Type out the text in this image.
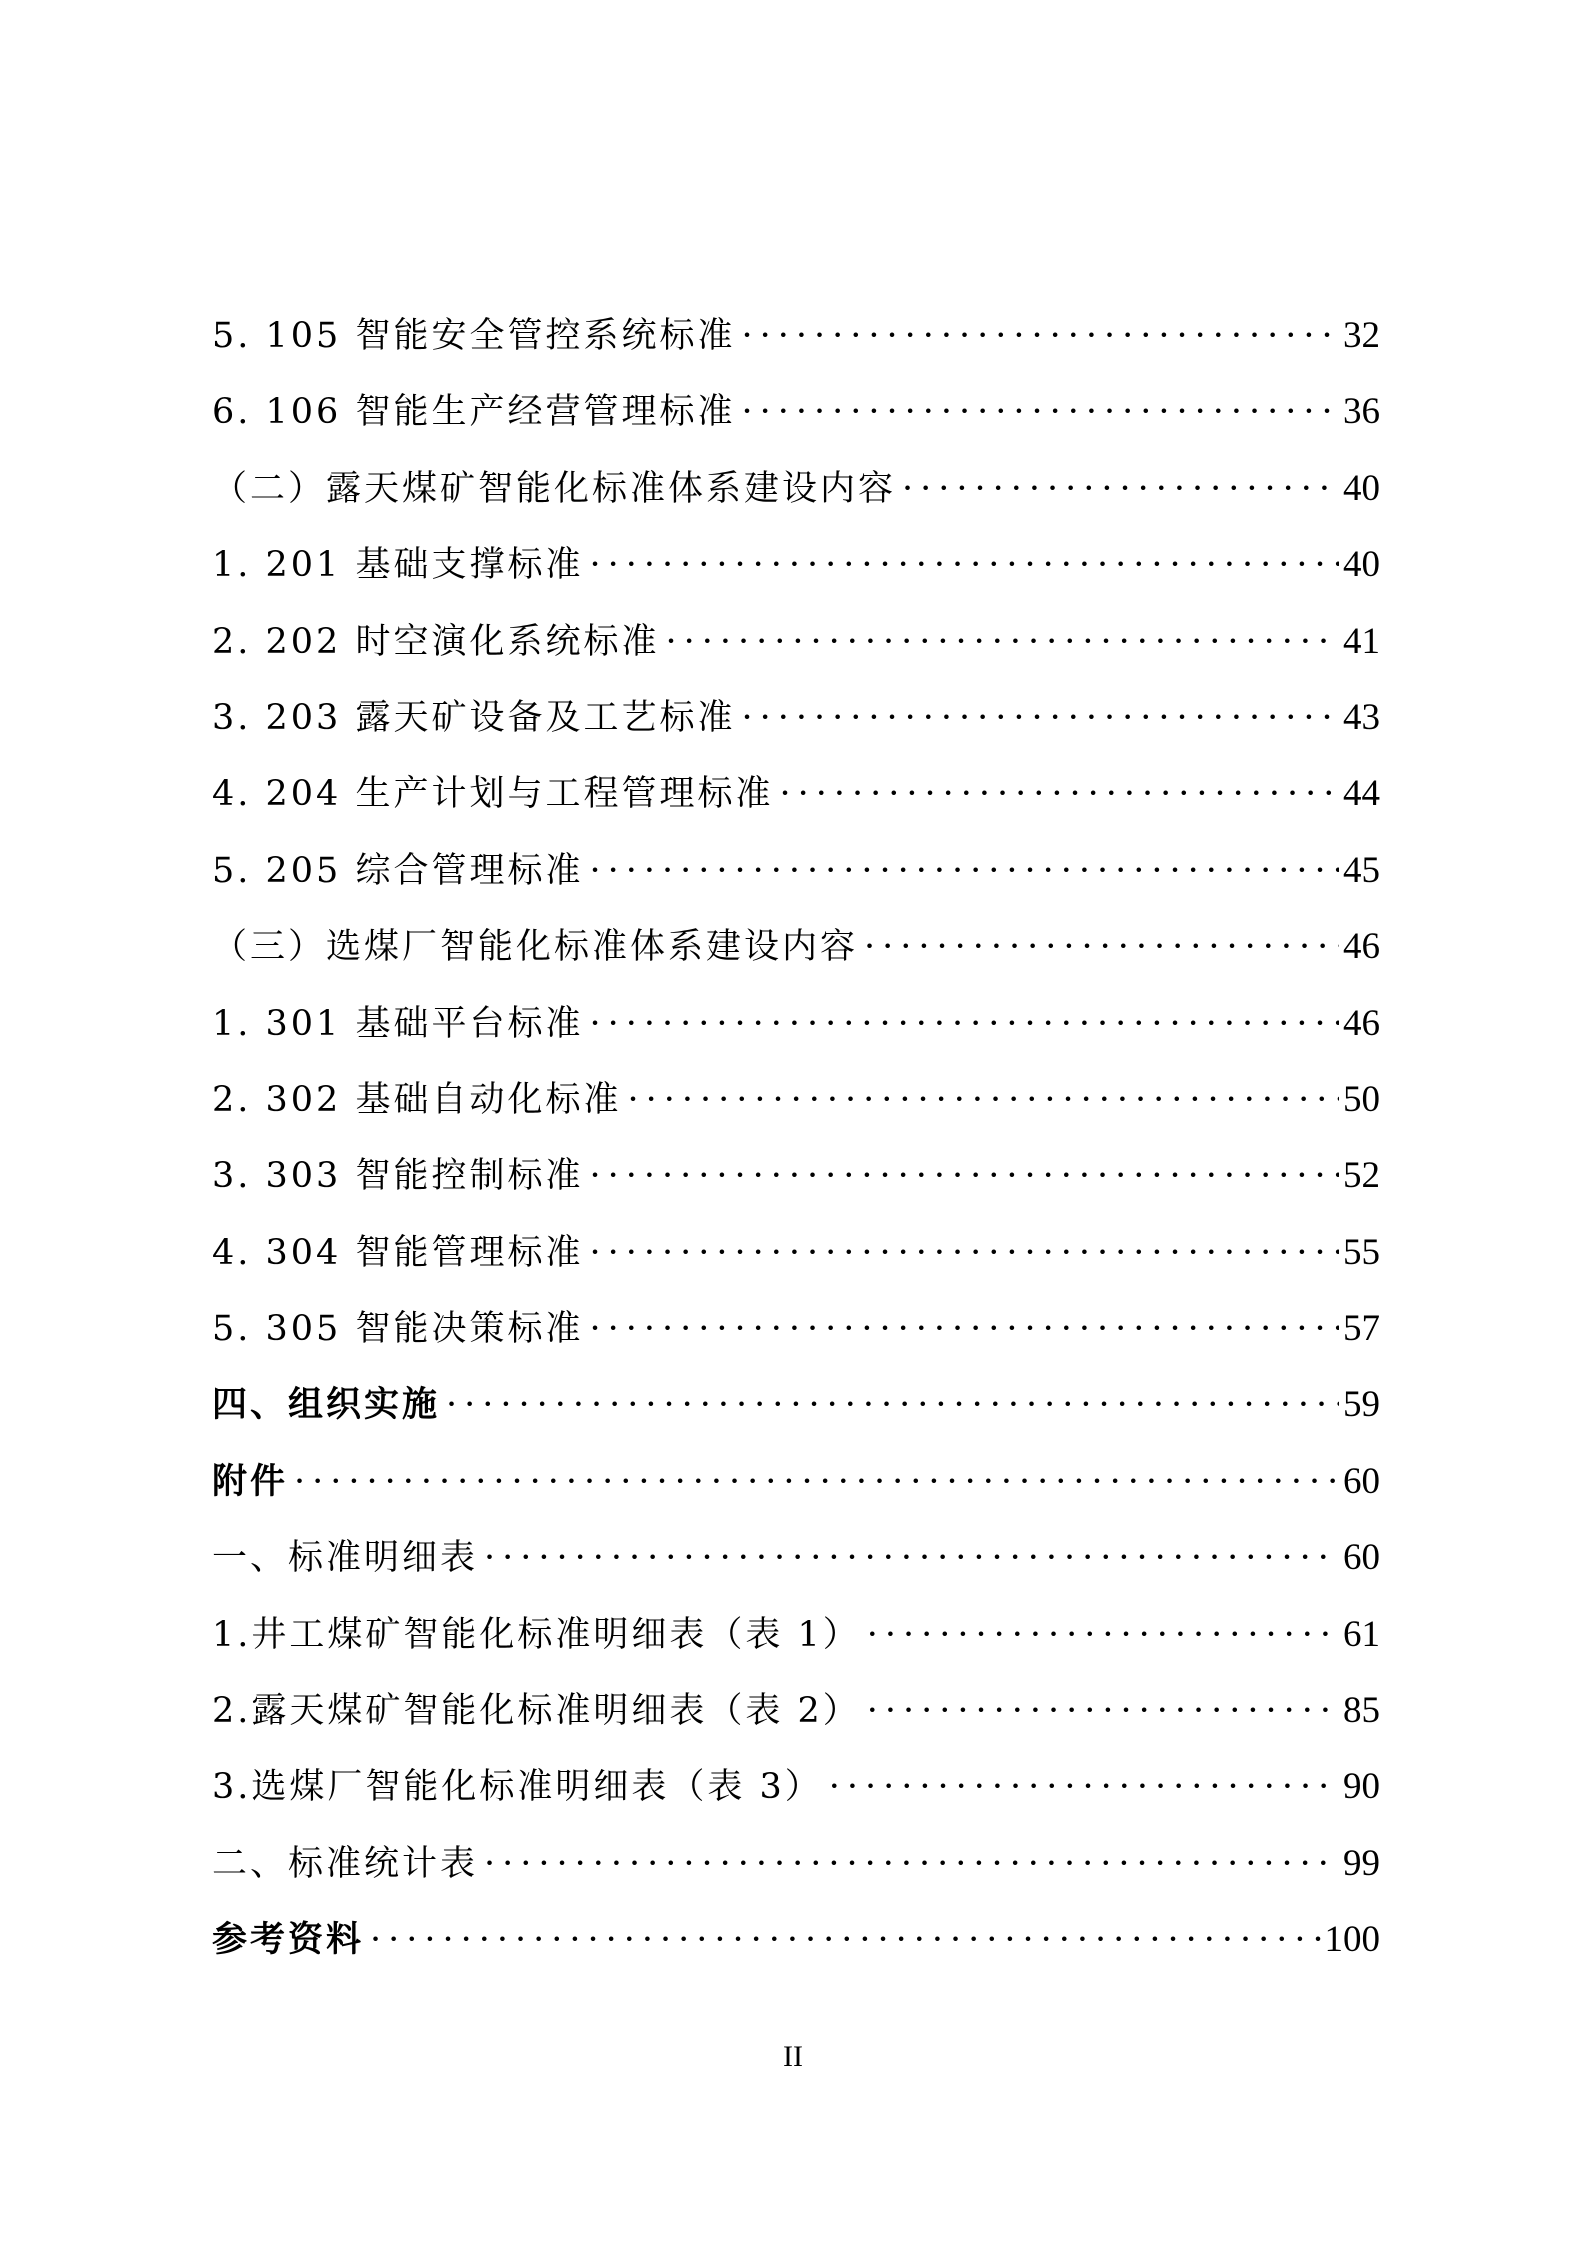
5. 105 智能安全管控系统标准 ·····	32
6. 106 智能生产经营管理标准 ·····	36
（二）露天煤矿智能化标准体系建设内容 ·····	40
1. 201 基础支撑标准 ·····	40
2. 202 时空演化系统标准 ·····	41
3. 203 露天矿设备及工艺标准 ·····	43
4. 204 生产计划与工程管理标准 ·····	44
5. 205 综合管理标准 ·····	45
（三）选煤厂智能化标准体系建设内容 ·····	46
1. 301 基础平台标准 ·····	46
2. 302 基础自动化标准 ·····	50
3. 303 智能控制标准 ·····	52
4. 304 智能管理标准 ·····	55
5. 305 智能决策标准 ·····	57
四、组织实施 ·····	59
附件 ·····	60
一、标准明细表 ·····	60
1.井工煤矿智能化标准明细表（表 1） ·····	61
2.露天煤矿智能化标准明细表（表 2） ·····	85
3.选煤厂智能化标准明细表（表 3） ·····	90
二、标准统计表 ·····	99
参考资料 ·····	100
II
